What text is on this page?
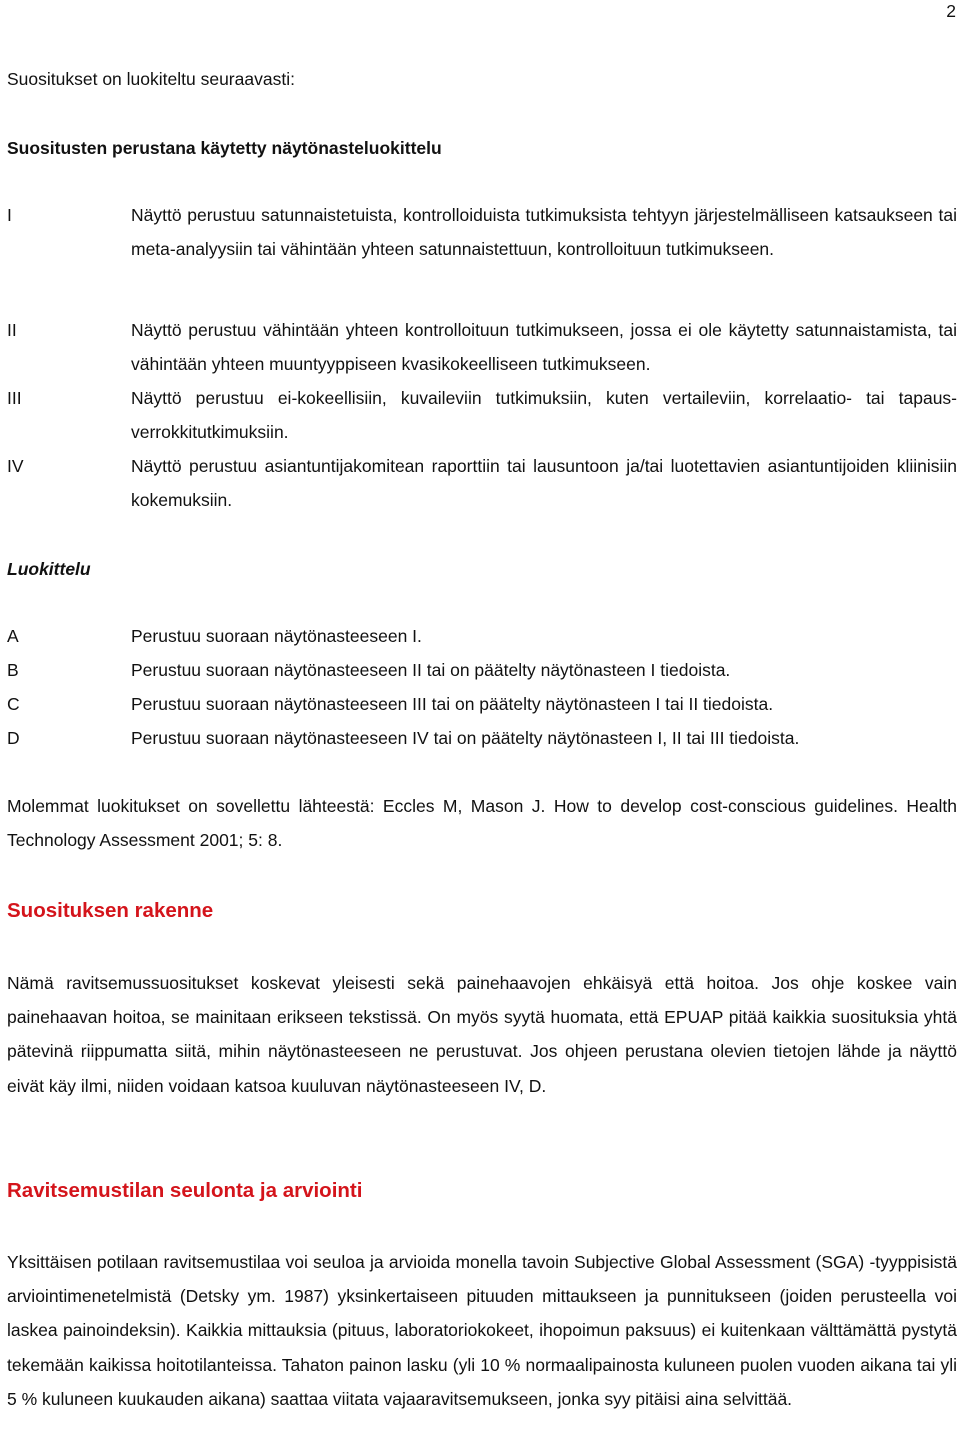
2
Suositukset on luokiteltu seuraavasti:
Suositusten perustana käytetty näytönasteluokittelu
I	Näyttö perustuu satunnaistetuista, kontrolloiduista tutkimuksista tehtyyn järjestelmälliseen katsaukseen tai meta-analyysiin tai vähintään yhteen satunnaistettuun, kontrolloituun tutkimukseen.
II	Näyttö perustuu vähintään yhteen kontrolloituun tutkimukseen, jossa ei ole käytetty satunnaistamista, tai vähintään yhteen muuntyyppiseen kvasikokeelliseen tutkimukseen.
III	Näyttö perustuu ei-kokeellisiin, kuvaileviin tutkimuksiin, kuten vertaileviin, korrelaatio- tai tapaus-verrokkitutkimuksiin.
IV	Näyttö perustuu asiantuntijakomitean raporttiin tai lausuntoon ja/tai luotettavien asiantuntijoiden kliinisiin kokemuksiin.
Luokittelu
A	Perustuu suoraan näytönasteeseen I.
B	Perustuu suoraan näytönasteeseen II tai on päätelty näytönasteen I tiedoista.
C	Perustuu suoraan näytönasteeseen III tai on päätelty näytönasteen I tai II tiedoista.
D	Perustuu suoraan näytönasteeseen IV tai on päätelty näytönasteen I, II tai III tiedoista.
Molemmat luokitukset on sovellettu lähteestä: Eccles M, Mason J. How to develop cost-conscious guidelines. Health Technology Assessment 2001; 5: 8.
Suosituksen rakenne
Nämä ravitsemussuositukset koskevat yleisesti sekä painehaavojen ehkäisyä että hoitoa. Jos ohje koskee vain painehaavan hoitoa, se mainitaan erikseen tekstissä. On myös syytä huomata, että EPUAP pitää kaikkia suosituksia yhtä pätevinä riippumatta siitä, mihin näytönasteeseen ne perustuvat. Jos ohjeen perustana olevien tietojen lähde ja näyttö eivät käy ilmi, niiden voidaan katsoa kuuluvan näytönasteeseen IV, D.
Ravitsemustilan seulonta ja arviointi
Yksittäisen potilaan ravitsemustilaa voi seuloa ja arvioida monella tavoin Subjective Global Assessment (SGA) -tyyppisistä arviointimenetelmistä (Detsky ym. 1987) yksinkertaiseen pituuden mittaukseen ja punnitukseen (joiden perusteella voi laskea painoindeksin). Kaikkia mittauksia (pituus, laboratoriokokeet, ihopoimun paksuus) ei kuitenkaan välttämättä pystytä tekemään kaikissa hoitotilanteissa. Tahaton painon lasku (yli 10 % normaalipainosta kuluneen puolen vuoden aikana tai yli 5 % kuluneen kuukauden aikana) saattaa viitata vajaaravitsemukseen, jonka syy pitäisi aina selvittää.
